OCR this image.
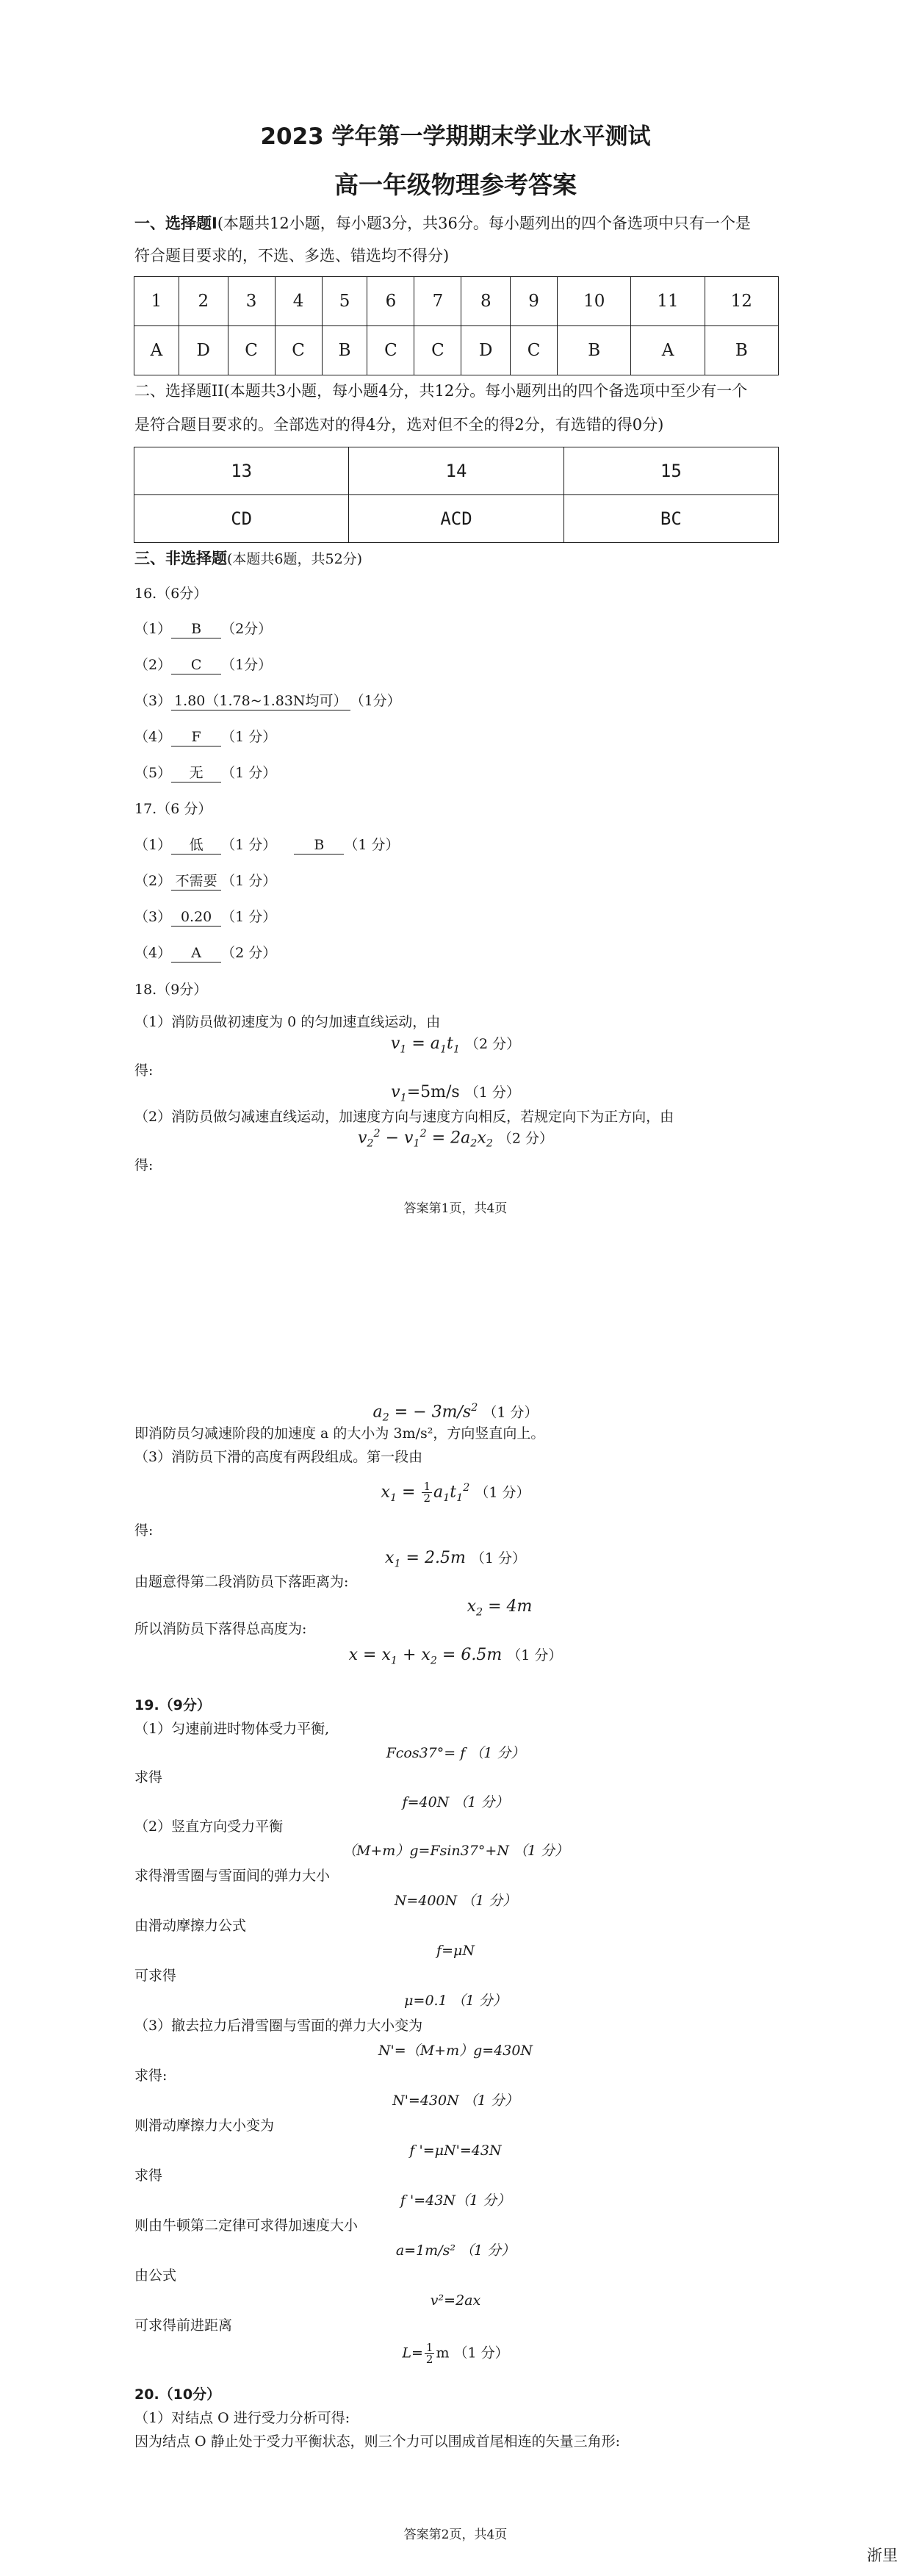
2023 学年第一学期期末学业水平测试
高一年级物理参考答案
一、选择题Ⅰ(本题共12小题，每小题3分，共36分。每小题列出的四个备选项中只有一个是
符合题目要求的，不选、多选、错选均不得分)
1	2	3	4	5	6	7	8	9	10	11	12
A	D	C	C	B	C	C	D	C	B	A	B
二、选择题II(本题共3小题，每小题4分，共12分。每小题列出的四个备选项中至少有一个
是符合题目要求的。全部选对的得4分，选对但不全的得2分，有选错的得0分)
13	14	15
CD	ACD	BC
三、非选择题(本题共6题，共52分)
16.（6分）
（1） B （2分）
（2） C （1分）
（3） 1.80（1.78~1.83N均可） （1分）
（4） F （1 分）
（5） 无 （1 分）
17.（6 分）
（1） 低 （1 分）	B （1 分）
（2） 不需要 （1 分）
（3） 0.20 （1 分）
（4） A （2 分）
18.（9分）
（1）消防员做初速度为 0 的匀加速直线运动，由
$v_1 = a_1t_1$ （2 分）
得:
$v_1=5m/s$ （1 分）
（2）消防员做匀减速直线运动，加速度方向与速度方向相反，若规定向下为正方向，由
$v_2^2 - v_1^2 = 2a_2x_2$ （2 分）
得:
答案第1页，共4页
$a_2$ = − $3m/s^2$ （1 分）
即消防员匀减速阶段的加速度 a 的大小为 3m/s²，方向竖直向上。
（3）消防员下滑的高度有两段组成。第一段由
$x_1 = \frac{1}{2} a_1t_1^2$ （1 分）
得:
$x_1 = 2.5m$ （1 分）
由题意得第二段消防员下落距离为:
$x_2 = 4m$
所以消防员下落得总高度为:
$x = x_1 + x_2 = 6.5m$ （1 分）
19.（9分）
（1）匀速前进时物体受力平衡,
Fcos37°= f （1 分）
求得
f=40N （1 分）
（2）竖直方向受力平衡
（M+m）g=Fsin37°+N （1 分）
求得滑雪圈与雪面间的弹力大小
N=400N （1 分）
由滑动摩擦力公式
f=μN
可求得
μ=0.1 （1 分）
（3）撤去拉力后滑雪圈与雪面的弹力大小变为
N'=（M+m）g=430N
求得:
N'=430N （1 分）
则滑动摩擦力大小变为
f '=μN'=43N
求得
f '=43N（1 分）
则由牛顿第二定律可求得加速度大小
a=1m/s² （1 分）
由公式
v²=2ax
可求得前进距离
$L= \frac{1}{2}$ m （1 分）
20.（10分）
（1）对结点 O 进行受力分析可得:
因为结点 O 静止处于受力平衡状态，则三个力可以围成首尾相连的矢量三角形:
答案第2页，共4页
浙里
